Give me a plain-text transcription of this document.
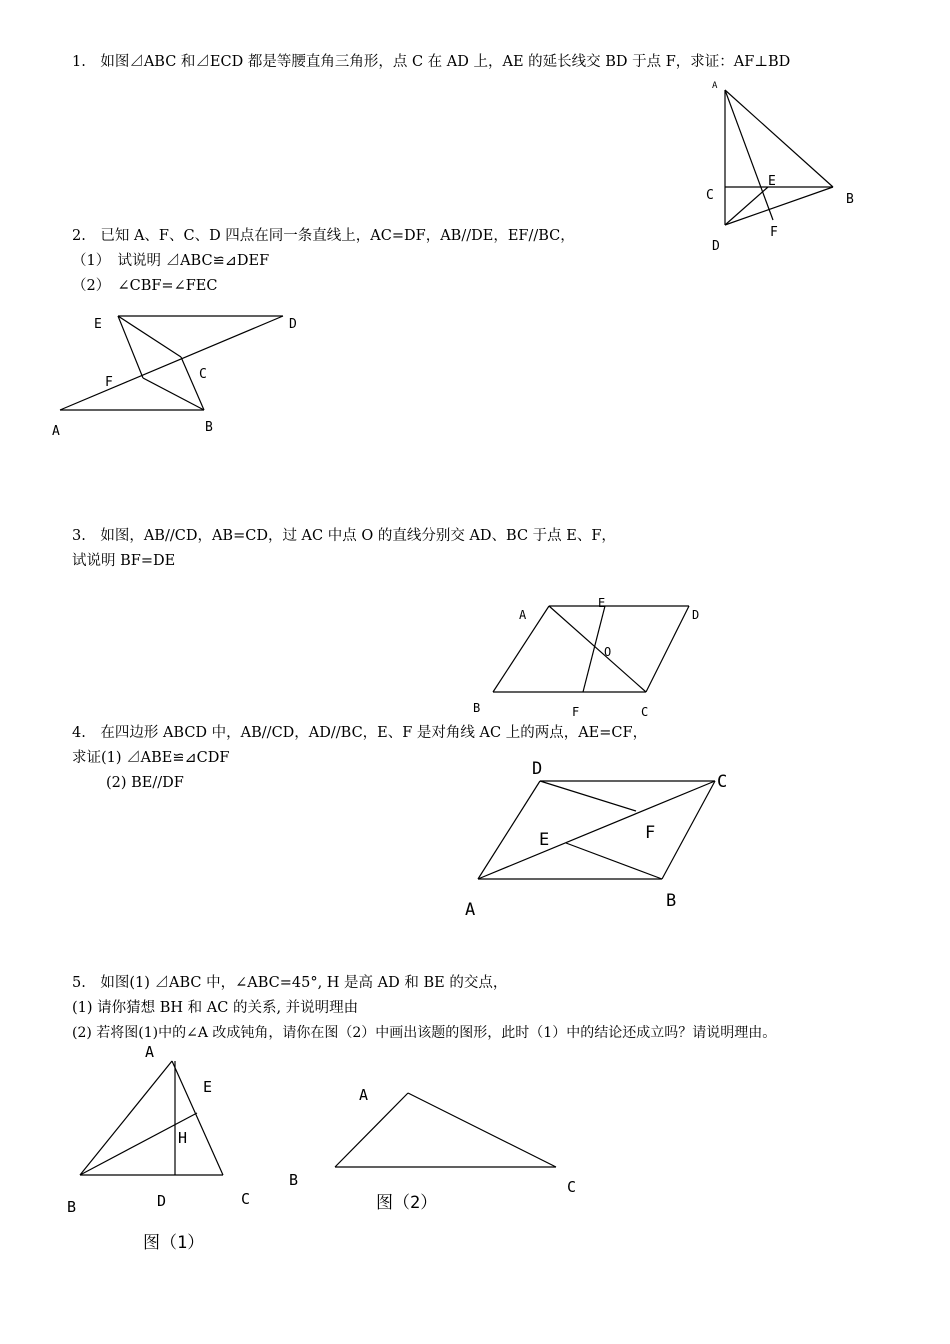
1.　如图⊿ABC 和⊿ECD 都是等腰直角三角形，点 C 在 AD 上，AE 的延长线交 BD 于点 F，求证：AF⊥BD
2.　已知 A、F、C、D 四点在同一条直线上，AC=DF，AB//DE，EF//BC，
（1）　试说明 ⊿ABC≌⊿DEF
（2）　∠CBF=∠FEC
3.　如图，AB//CD，AB=CD，过 AC 中点 O 的直线分别交 AD、BC 于点 E、F，
试说明 BF=DE
4.　在四边形 ABCD 中，AB//CD，AD//BC，E、F 是对角线 AC 上的两点，AE=CF，
求证(1) ⊿ABE≌⊿CDF
(2) BE//DF
5.　如图(1) ⊿ABC 中，∠ABC=45°, H 是高 AD 和 BE 的交点，
(1) 请你猜想 BH 和 AC 的关系, 并说明理由
(2) 若将图(1)中的∠A 改成钝角，请你在图（2）中画出该题的图形，此时（1）中的结论还成立吗？请说明理由。
A
C
E
B
D
F
E	D
F
C
A	B
A
E
D
O
B	F	C
D
C
E	F
A	B
A
E
H
B	D	C
图（1）
A
B	C
图（2）
